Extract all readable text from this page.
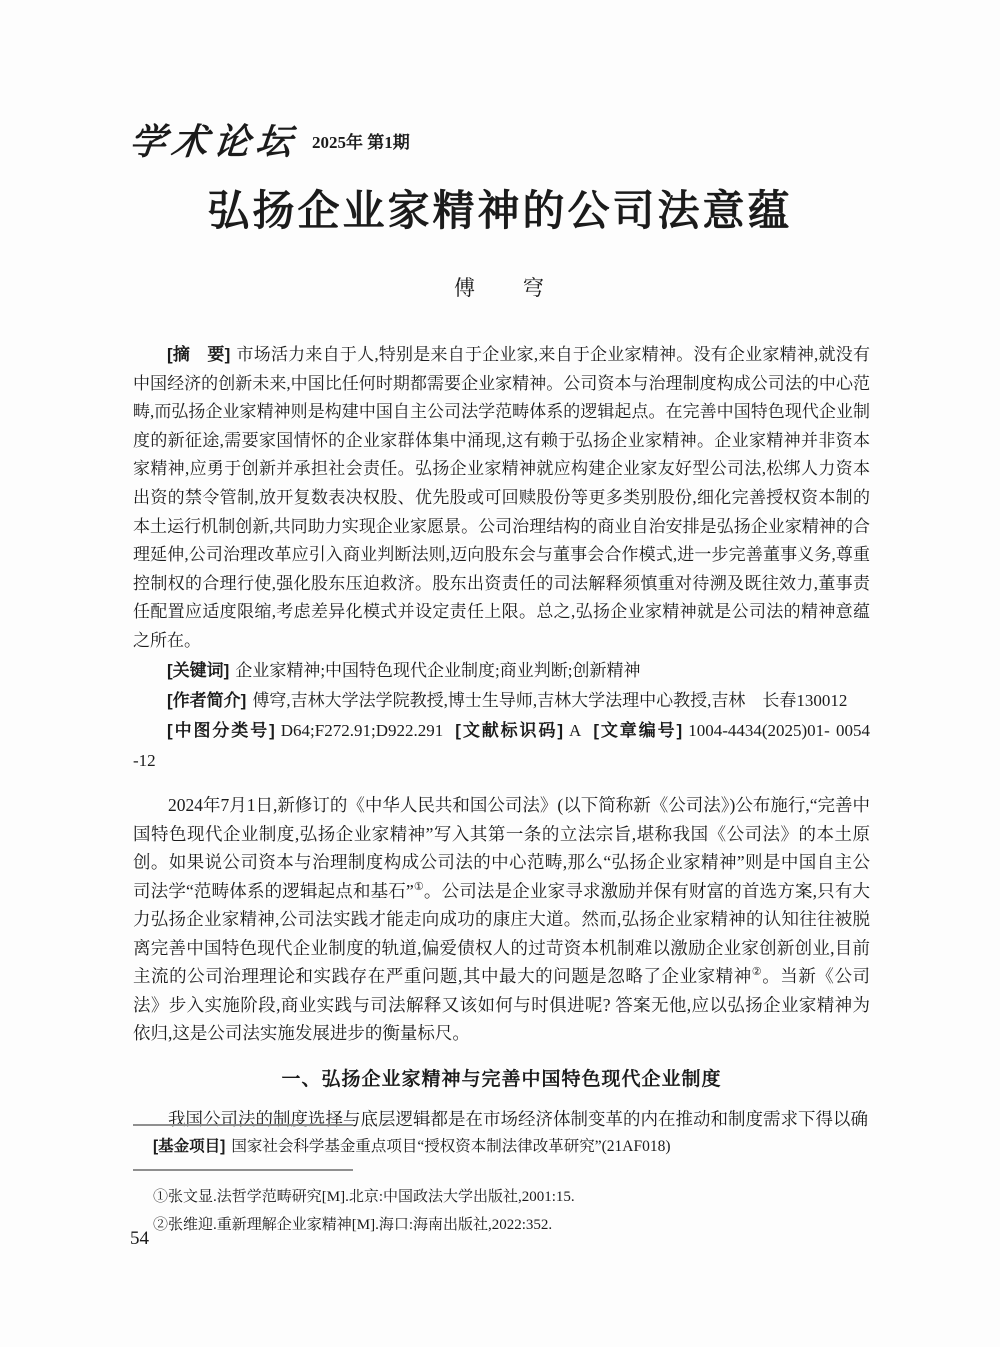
学术论坛 2025年 第1期
弘扬企业家精神的公司法意蕴
傅　　穹

[摘　要] 市场活力来自于人,特别是来自于企业家,来自于企业家精神。没有企业家精神,就没有中国经济的创新未来,中国比任何时期都需要企业家精神。公司资本与治理制度构成公司法的中心范畴,而弘扬企业家精神则是构建中国自主公司法学范畴体系的逻辑起点。在完善中国特色现代企业制度的新征途,需要家国情怀的企业家群体集中涌现,这有赖于弘扬企业家精神。企业家精神并非资本家精神,应勇于创新并承担社会责任。弘扬企业家精神就应构建企业家友好型公司法,松绑人力资本出资的禁令管制,放开复数表决权股、优先股或可回赎股份等更多类别股份,细化完善授权资本制的本土运行机制创新,共同助力实现企业家愿景。公司治理结构的商业自治安排是弘扬企业家精神的合理延伸,公司治理改革应引入商业判断法则,迈向股东会与董事会合作模式,进一步完善董事义务,尊重控制权的合理行使,强化股东压迫救济。股东出资责任的司法解释须慎重对待溯及既往效力,董事责任配置应适度限缩,考虑差异化模式并设定责任上限。总之,弘扬企业家精神就是公司法的精神意蕴之所在。

[关键词] 企业家精神;中国特色现代企业制度;商业判断;创新精神

[作者简介] 傅穹,吉林大学法学院教授,博士生导师,吉林大学法理中心教授,吉林　长春130012

[中图分类号] D64;F272.91;D922.291 [文献标识码] A [文章编号] 1004-4434(2025)01- 0054 -12

2024年7月1日,新修订的《中华人民共和国公司法》(以下简称新《公司法》)公布施行,“完善中国特色现代企业制度,弘扬企业家精神”写入其第一条的立法宗旨,堪称我国《公司法》的本土原创。如果说公司资本与治理制度构成公司法的中心范畴,那么“弘扬企业家精神”则是中国自主公司法学“范畴体系的逻辑起点和基石”①。公司法是企业家寻求激励并保有财富的首选方案,只有大力弘扬企业家精神,公司法实践才能走向成功的康庄大道。然而,弘扬企业家精神的认知往往被脱离完善中国特色现代企业制度的轨道,偏爱债权人的过苛资本机制难以激励企业家创新创业,目前主流的公司治理理论和实践存在严重问题,其中最大的问题是忽略了企业家精神②。当新《公司法》步入实施阶段,商业实践与司法解释又该如何与时俱进呢? 答案无他,应以弘扬企业家精神为依归,这是公司法实施发展进步的衡量标尺。

一、弘扬企业家精神与完善中国特色现代企业制度

我国公司法的制度选择与底层逻辑都是在市场经济体制变革的内在推动和制度需求下得以确

[基金项目] 国家社会科学基金重点项目“授权资本制法律改革研究”(21AF018)

①张文显.法哲学范畴研究[M].北京:中国政法大学出版社,2001:15.

②张维迎.重新理解企业家精神[M].海口:海南出版社,2022:352.

54
